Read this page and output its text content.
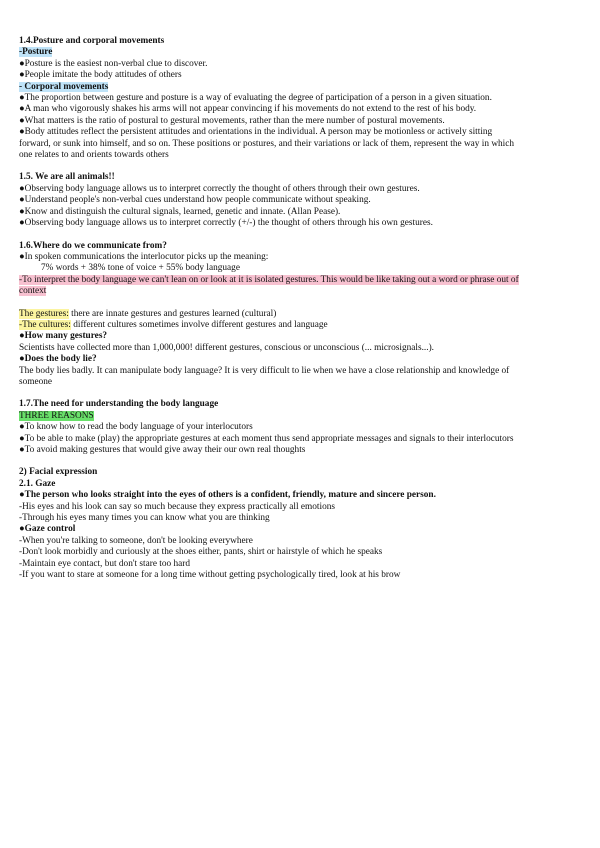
1.4.Posture and corporal movements
-Posture
●Posture is the easiest non-verbal clue to discover.
●People imitate the body attitudes of others
- Corporal movements
●The proportion between gesture and posture is a way of evaluating the degree of participation of a person in a given situation.
●A man who vigorously shakes his arms will not appear convincing if his movements do not extend to the rest of his body.
●What matters is the ratio of postural to gestural movements, rather than the mere number of postural movements.
●Body attitudes reflect the persistent attitudes and orientations in the individual. A person may be motionless or actively sitting forward, or sunk into himself, and so on. These positions or postures, and their variations or lack of them, represent the way in which one relates to and orients towards others
1.5. We are all animals!!
●Observing body language allows us to interpret correctly the thought of others through their own gestures.
●Understand people's non-verbal cues understand how people communicate without speaking.
●Know and distinguish the cultural signals, learned, genetic and innate. (Allan Pease).
●Observing body language allows us to interpret correctly (+/-) the thought of others through his own gestures.
1.6.Where do we communicate from?
●In spoken communications the interlocutor picks up the meaning:
7% words + 38% tone of voice + 55% body language
-To interpret the body language we can't lean on or look at it is isolated gestures. This would be like taking out a word or phrase out of context
The gestures: there are innate gestures and gestures learned (cultural)
-The cultures: different cultures sometimes involve different gestures and language
●How many gestures?
Scientists have collected more than 1,000,000! different gestures, conscious or unconscious (... microsignals...).
●Does the body lie?
The body lies badly. It can manipulate body language? It is very difficult to lie when we have a close relationship and knowledge of someone
1.7.The need for understanding the body language
THREE REASONS
●To know how to read the body language of your interlocutors
●To be able to make (play) the appropriate gestures at each moment thus send appropriate messages and signals to their interlocutors
●To avoid making gestures that would give away their our own real thoughts
2) Facial expression
2.1. Gaze
●The person who looks straight into the eyes of others is a confident, friendly, mature and sincere person.
-His eyes and his look can say so much because they express practically all emotions
-Through his eyes many times you can know what you are thinking
●Gaze control
-When you're talking to someone, don't be looking everywhere
-Don't look morbidly and curiously at the shoes either, pants, shirt or hairstyle of which he speaks
-Maintain eye contact, but don't stare too hard
-If you want to stare at someone for a long time without getting psychologically tired, look at his brow
